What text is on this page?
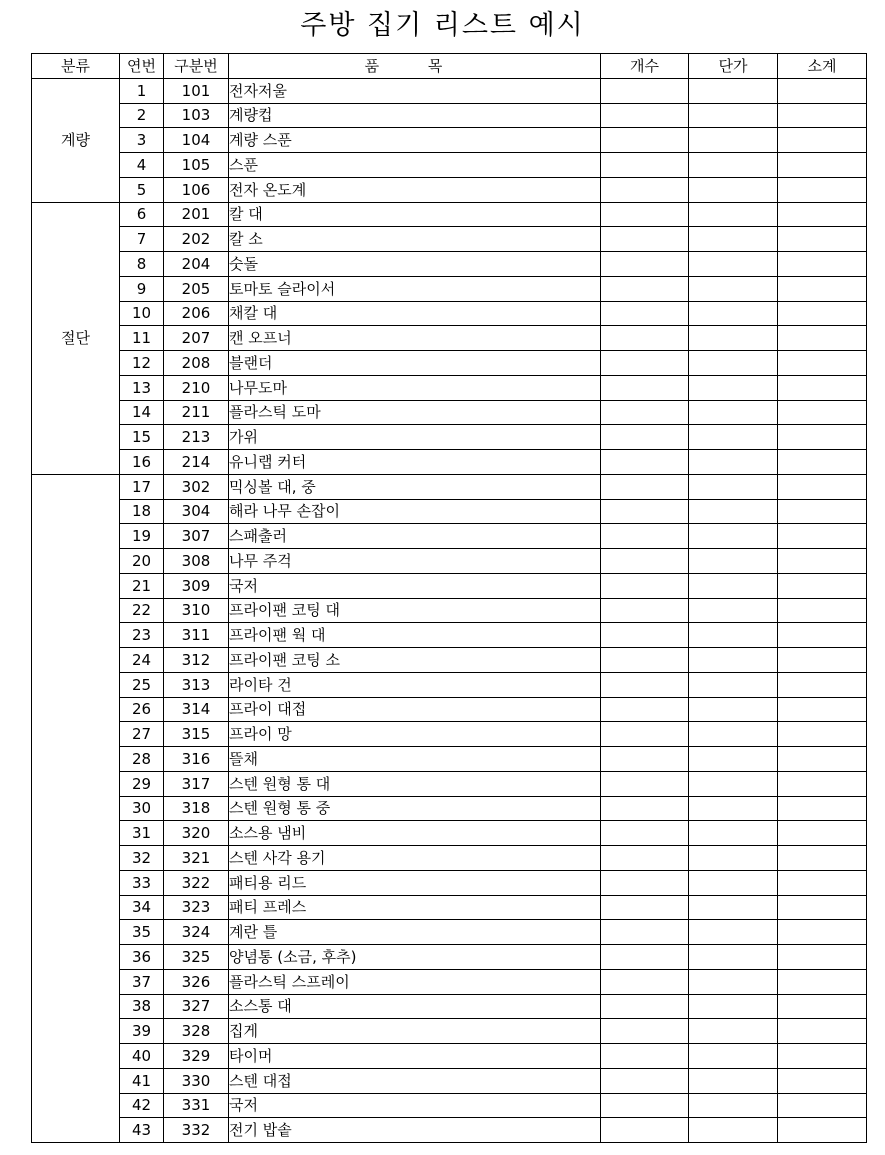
주방 집기 리스트 예시
분류	연번	구분번	품 목	개수	단가	소계
계량	1	101	전자저울			
	2	103	계량컵			
	3	104	계량 스푼			
	4	105	스푼			
	5	106	전자 온도계			
절단	6	201	칼 대			
	7	202	칼 소			
	8	204	숫돌			
	9	205	토마토 슬라이서			
	10	206	채칼 대			
	11	207	캔 오프너			
	12	208	블랜더			
	13	210	나무도마			
	14	211	플라스틱 도마			
	15	213	가위			
	16	214	유니랩 커터			
	17	302	믹싱볼 대, 중			
	18	304	해라 나무 손잡이			
	19	307	스패출러			
	20	308	나무 주걱			
	21	309	국저			
	22	310	프라이팬 코팅 대			
	23	311	프라이팬 웍 대			
	24	312	프라이팬 코팅 소			
	25	313	라이타 건			
	26	314	프라이 대접			
	27	315	프라이 망			
	28	316	뜰채			
	29	317	스텐 원형 통 대			
	30	318	스텐 원형 통 중			
	31	320	소스용 냄비			
	32	321	스텐 사각 용기			
	33	322	패티용 리드			
	34	323	패티 프레스			
	35	324	계란 틀			
	36	325	양념통 (소금, 후추)			
	37	326	플라스틱 스프레이			
	38	327	소스통 대			
	39	328	집게			
	40	329	타이머			
	41	330	스텐 대접			
	42	331	국저			
	43	332	전기 밥솥			
